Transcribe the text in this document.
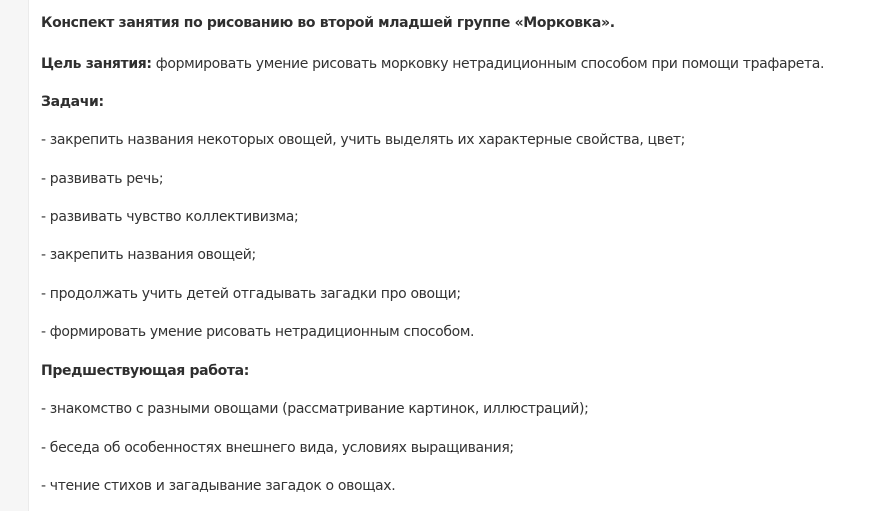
Конспект занятия по рисованию во второй младшей группе «Морковка».
Цель занятия: формировать умение рисовать морковку нетрадиционным способом при помощи трафарета.
Задачи:
- закрепить названия некоторых овощей, учить выделять их характерные свойства, цвет;
- развивать речь;
- развивать чувство коллективизма;
- закрепить названия овощей;
- продолжать учить детей отгадывать загадки про овощи;
- формировать умение рисовать нетрадиционным способом.
Предшествующая работа:
- знакомство с разными овощами (рассматривание картинок, иллюстраций);
- беседа об особенностях внешнего вида, условиях выращивания;
- чтение стихов и загадывание загадок о овощах.
